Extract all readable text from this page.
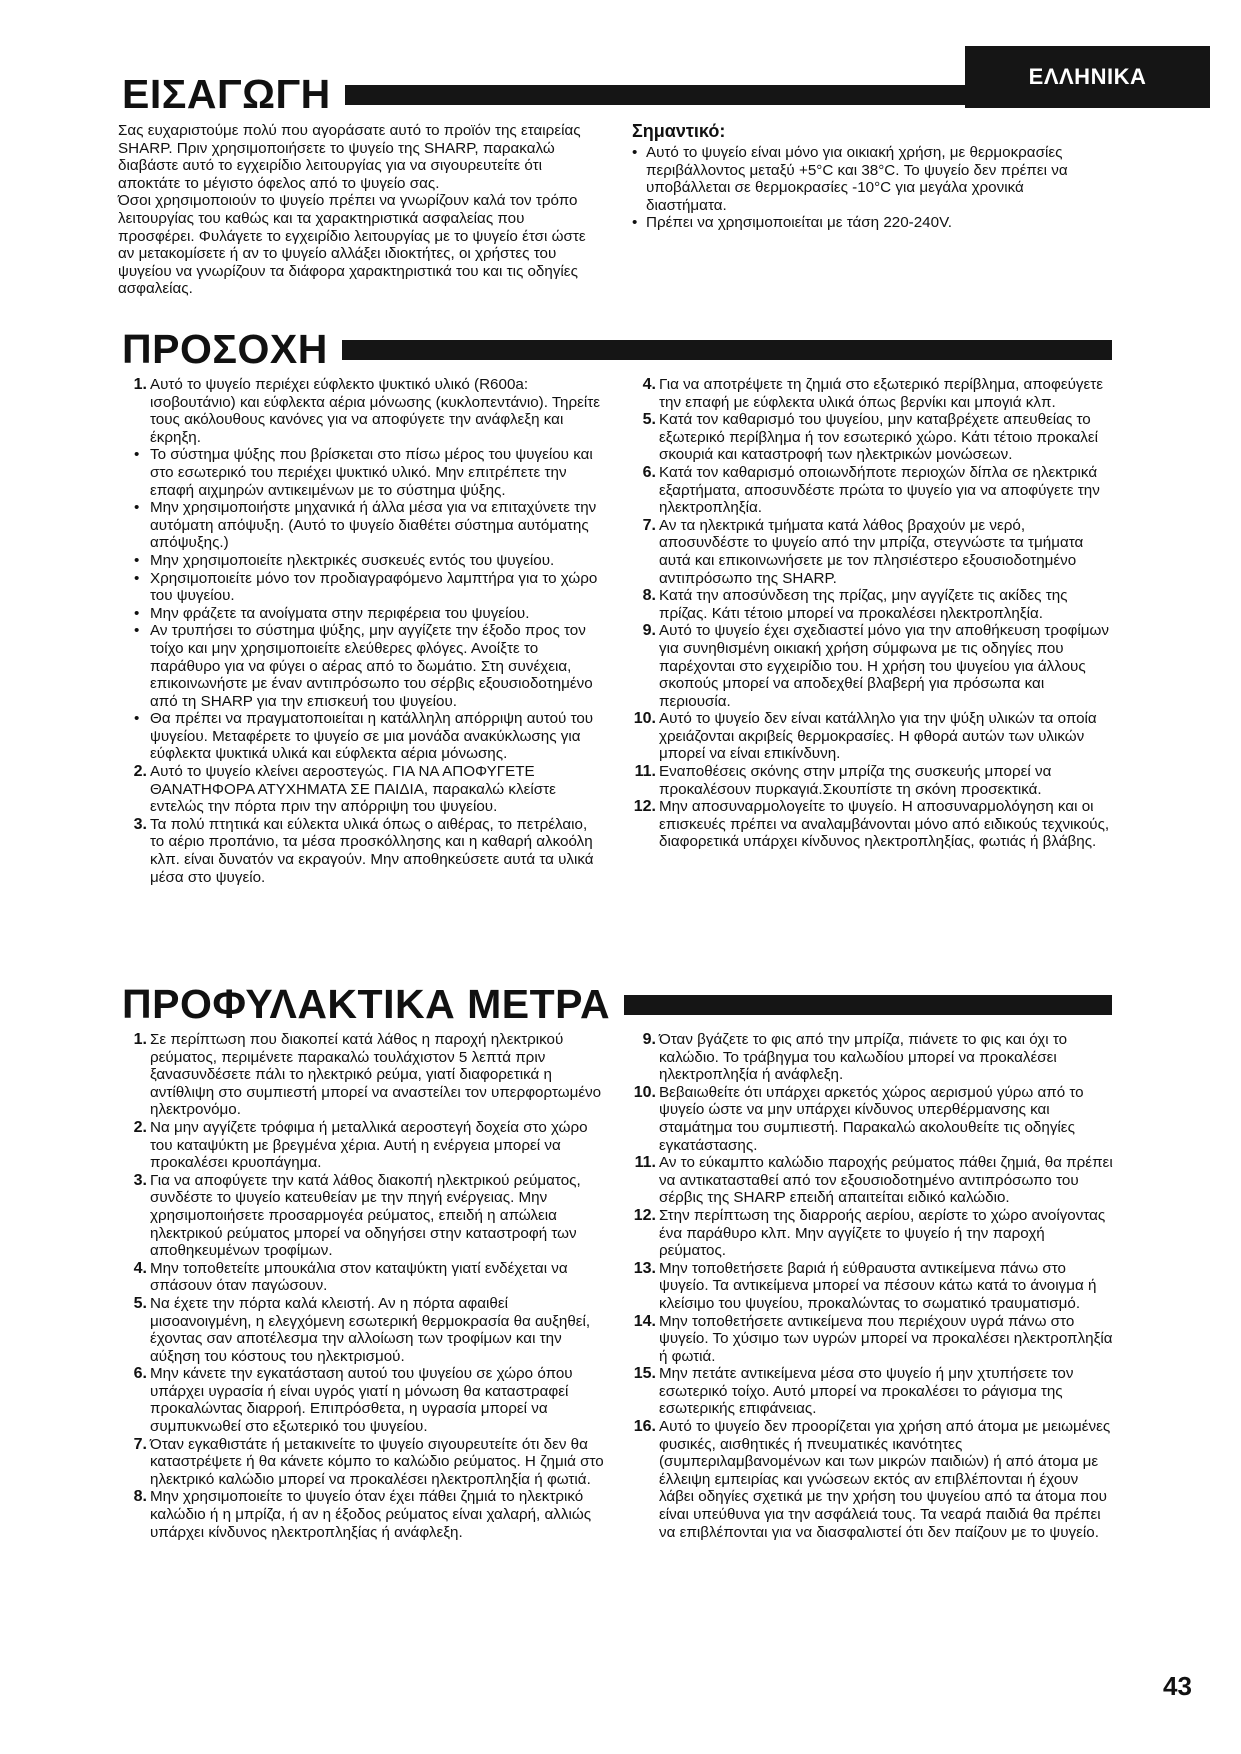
ΕΛΛΗΝΙΚΑ
ΕΙΣΑΓΩΓΗ

Σας ευχαριστούμε πολύ που αγοράσατε αυτό το προϊόν της εταιρείας SHARP. Πριν χρησιμοποιήσετε το ψυγείο της SHARP, παρακαλώ διαβάστε αυτό το εγχειρίδιο λειτουργίας για να σιγουρευτείτε ότι αποκτάτε το μέγιστο όφελος από το ψυγείο σας.

Όσοι χρησιμοποιούν το ψυγείο πρέπει να γνωρίζουν καλά τον τρόπο λειτουργίας του καθώς και τα χαρακτηριστικά ασφαλείας που προσφέρει. Φυλάγετε το εγχειρίδιο λειτουργίας με το ψυγείο έτσι ώστε αν μετακομίσετε ή αν το ψυγείο αλλάξει ιδιοκτήτες, οι χρήστες του ψυγείου να γνωρίζουν τα διάφορα χαρακτηριστικά του και τις οδηγίες ασφαλείας.

Σημαντικό:
• Αυτό το ψυγείο είναι μόνο για οικιακή χρήση, με θερμοκρασίες περιβάλλοντος μεταξύ +5°C και 38°C. Το ψυγείο δεν πρέπει να υποβάλλεται σε θερμοκρασίες -10°C για μεγάλα χρονικά διαστήματα.
• Πρέπει να χρησιμοποιείται με τάση 220-240V.
ΠΡΟΣΟΧΗ
1. Αυτό το ψυγείο περιέχει εύφλεκτο ψυκτικό υλικό (R600a: ισοβουτάνιο) και εύφλεκτα αέρια μόνωσης (κυκλοπεντάνιο). Τηρείτε τους ακόλουθους κανόνες για να αποφύγετε την ανάφλεξη και έκρηξη.
• Το σύστημα ψύξης που βρίσκεται στο πίσω μέρος του ψυγείου και στο εσωτερικό του περιέχει ψυκτικό υλικό. Μην επιτρέπετε την επαφή αιχμηρών αντικειμένων με το σύστημα ψύξης.
• Μην χρησιμοποιήστε μηχανικά ή άλλα μέσα για να επιταχύνετε την αυτόματη απόψυξη. (Αυτό το ψυγείο διαθέτει σύστημα αυτόματης απόψυξης.)
• Μην χρησιμοποιείτε ηλεκτρικές συσκευές εντός του ψυγείου.
• Χρησιμοποιείτε μόνο τον προδιαγραφόμενο λαμπτήρα για το χώρο του ψυγείου.
• Μην φράζετε τα ανοίγματα στην περιφέρεια του ψυγείου.
• Αν τρυπήσει το σύστημα ψύξης, μην αγγίζετε την έξοδο προς τον τοίχο και μην χρησιμοποιείτε ελεύθερες φλόγες. Ανοίξτε το παράθυρο για να φύγει ο αέρας από το δωμάτιο. Στη συνέχεια, επικοινωνήστε με έναν αντιπρόσωπο του σέρβις εξουσιοδοτημένο από τη SHARP για την επισκευή του ψυγείου.
• Θα πρέπει να πραγματοποιείται η κατάλληλη απόρριψη αυτού του ψυγείου. Μεταφέρετε το ψυγείο σε μια μονάδα ανακύκλωσης για εύφλεκτα ψυκτικά υλικά και εύφλεκτα αέρια μόνωσης.
2. Αυτό το ψυγείο κλείνει αεροστεγώς. ΓΙΑ ΝΑ ΑΠΟΦΥΓΕΤΕ ΘΑΝΑΤΗΦΟΡΑ ΑΤΥΧΗΜΑΤΑ ΣΕ ΠΑΙΔΙΑ, παρακαλώ κλείστε εντελώς την πόρτα πριν την απόρριψη του ψυγείου.
3. Τα πολύ πτητικά και εύλεκτα υλικά όπως ο αιθέρας, το πετρέλαιο, το αέριο προπάνιο, τα μέσα προσκόλλησης και η καθαρή αλκοόλη κλπ. είναι δυνατόν να εκραγούν. Μην αποθηκεύσετε αυτά τα υλικά μέσα στο ψυγείο.
4. Για να αποτρέψετε τη ζημιά στο εξωτερικό περίβλημα, αποφεύγετε την επαφή με εύφλεκτα υλικά όπως βερνίκι και μπογιά κλπ.
5. Κατά τον καθαρισμό του ψυγείου, μην καταβρέχετε απευθείας το εξωτερικό περίβλημα ή τον εσωτερικό χώρο. Κάτι τέτοιο προκαλεί σκουριά και καταστροφή των ηλεκτρικών μονώσεων.
6. Κατά τον καθαρισμό οποιωνδήποτε περιοχών δίπλα σε ηλεκτρικά εξαρτήματα, αποσυνδέστε πρώτα το ψυγείο για να αποφύγετε την ηλεκτροπληξία.
7. Αν τα ηλεκτρικά τμήματα κατά λάθος βραχούν με νερό, αποσυνδέστε το ψυγείο από την μπρίζα, στεγνώστε τα τμήματα αυτά και επικοινωνήσετε με τον πλησιέστερο εξουσιοδοτημένο αντιπρόσωπο της SHARP.
8. Κατά την αποσύνδεση της πρίζας, μην αγγίζετε τις ακίδες της πρίζας. Κάτι τέτοιο μπορεί να προκαλέσει ηλεκτροπληξία.
9. Αυτό το ψυγείο έχει σχεδιαστεί μόνο για την αποθήκευση τροφίμων για συνηθισμένη οικιακή χρήση σύμφωνα με τις οδηγίες που παρέχονται στο εγχειρίδιο του. Η χρήση του ψυγείου για άλλους σκοπούς μπορεί να αποδεχθεί βλαβερή για πρόσωπα και περιουσία.
10. Αυτό το ψυγείο δεν είναι κατάλληλο για την ψύξη υλικών τα οποία χρειάζονται ακριβείς θερμοκρασίες. Η φθορά αυτών των υλικών μπορεί να είναι επικίνδυνη.
11. Εναποθέσεις σκόνης στην μπρίζα της συσκευής μπορεί να προκαλέσουν πυρκαγιά.Σκουπίστε τη σκόνη προσεκτικά.
12. Μην αποσυναρμολογείτε το ψυγείο. Η αποσυναρμολόγηση και οι επισκευές πρέπει να αναλαμβάνονται μόνο από ειδικούς τεχνικούς, διαφορετικά υπάρχει κίνδυνος ηλεκτροπληξίας, φωτιάς ή βλάβης.
ΠΡΟΦΥΛΑΚΤΙΚΑ ΜΕΤΡΑ
1. Σε περίπτωση που διακοπεί κατά λάθος η παροχή ηλεκτρικού ρεύματος, περιμένετε παρακαλώ τουλάχιστον 5 λεπτά πριν ξανασυνδέσετε πάλι το ηλεκτρικό ρεύμα, γιατί διαφορετικά η αντίθλιψη στο συμπιεστή μπορεί να αναστείλει τον υπερφορτωμένο ηλεκτρονόμο.
2. Να μην αγγίζετε τρόφιμα ή μεταλλικά αεροστεγή δοχεία στο χώρο του καταψύκτη με βρεγμένα χέρια. Αυτή η ενέργεια μπορεί να προκαλέσει κρυοπάγημα.
3. Για να αποφύγετε την κατά λάθος διακοπή ηλεκτρικού ρεύματος, συνδέστε το ψυγείο κατευθείαν με την πηγή ενέργειας. Μην χρησιμοποιήσετε προσαρμογέα ρεύματος, επειδή η απώλεια ηλεκτρικού ρεύματος μπορεί να οδηγήσει στην καταστροφή των αποθηκευμένων τροφίμων.
4. Μην τοποθετείτε μπουκάλια στον καταψύκτη γιατί ενδέχεται να σπάσουν όταν παγώσουν.
5. Να έχετε την πόρτα καλά κλειστή. Αν η πόρτα αφαιθεί μισοανοιγμένη, η ελεγχόμενη εσωτερική θερμοκρασία θα αυξηθεί, έχοντας σαν αποτέλεσμα την αλλοίωση των τροφίμων και την αύξηση του κόστους του ηλεκτρισμού.
6. Μην κάνετε την εγκατάσταση αυτού του ψυγείου σε χώρο όπου υπάρχει υγρασία ή είναι υγρός γιατί η μόνωση θα καταστραφεί προκαλώντας διαρροή. Επιπρόσθετα, η υγρασία μπορεί να συμπυκνωθεί στο εξωτερικό του ψυγείου.
7. Όταν εγκαθιστάτε ή μετακινείτε το ψυγείο σιγουρευτείτε ότι δεν θα καταστρέψετε ή θα κάνετε κόμπο το καλώδιο ρεύματος. Η ζημιά στο ηλεκτρικό καλώδιο μπορεί να προκαλέσει ηλεκτροπληξία ή φωτιά.
8. Μην χρησιμοποιείτε το ψυγείο όταν έχει πάθει ζημιά το ηλεκτρικό καλώδιο ή η μπρίζα, ή αν η έξοδος ρεύματος είναι χαλαρή, αλλιώς υπάρχει κίνδυνος ηλεκτροπληξίας ή ανάφλεξη.
9. Όταν βγάζετε το φις από την μπρίζα, πιάνετε το φις και όχι το καλώδιο. Το τράβηγμα του καλωδίου μπορεί να προκαλέσει ηλεκτροπληξία ή ανάφλεξη.
10. Βεβαιωθείτε ότι υπάρχει αρκετός χώρος αερισμού γύρω από το ψυγείο ώστε να μην υπάρχει κίνδυνος υπερθέρμανσης και σταμάτημα του συμπιεστή. Παρακαλώ ακολουθείτε τις οδηγίες εγκατάστασης.
11. Αν το εύκαμπτο καλώδιο παροχής ρεύματος πάθει ζημιά, θα πρέπει να αντικατασταθεί από τον εξουσιοδοτημένο αντιπρόσωπο του σέρβις της SHARP επειδή απαιτείται ειδικό καλώδιο.
12. Στην περίπτωση της διαρροής αερίου, αερίστε το χώρο ανοίγοντας ένα παράθυρο κλπ. Μην αγγίζετε το ψυγείο ή την παροχή ρεύματος.
13. Μην τοποθετήσετε βαριά ή εύθραυστα αντικείμενα πάνω στο ψυγείο. Τα αντικείμενα μπορεί να πέσουν κάτω κατά το άνοιγμα ή κλείσιμο του ψυγείου, προκαλώντας το σωματικό τραυματισμό.
14. Μην τοποθετήσετε αντικείμενα που περιέχουν υγρά πάνω στο ψυγείο. Το χύσιμο των υγρών μπορεί να προκαλέσει ηλεκτροπληξία ή φωτιά.
15. Μην πετάτε αντικείμενα μέσα στο ψυγείο ή μην χτυπήσετε τον εσωτερικό τοίχο. Αυτό μπορεί να προκαλέσει το ράγισμα της εσωτερικής επιφάνειας.
16. Αυτό το ψυγείο δεν προορίζεται για χρήση από άτομα με μειωμένες φυσικές, αισθητικές ή πνευματικές ικανότητες (συμπεριλαμβανομένων και των μικρών παιδιών) ή από άτομα με έλλειψη εμπειρίας και γνώσεων εκτός αν επιβλέπονται ή έχουν λάβει οδηγίες σχετικά με την χρήση του ψυγείου από τα άτομα που είναι υπεύθυνα για την ασφάλειά τους. Τα νεαρά παιδιά θα πρέπει να επιβλέπονται για να διασφαλιστεί ότι δεν παίζουν με το ψυγείο.
43
